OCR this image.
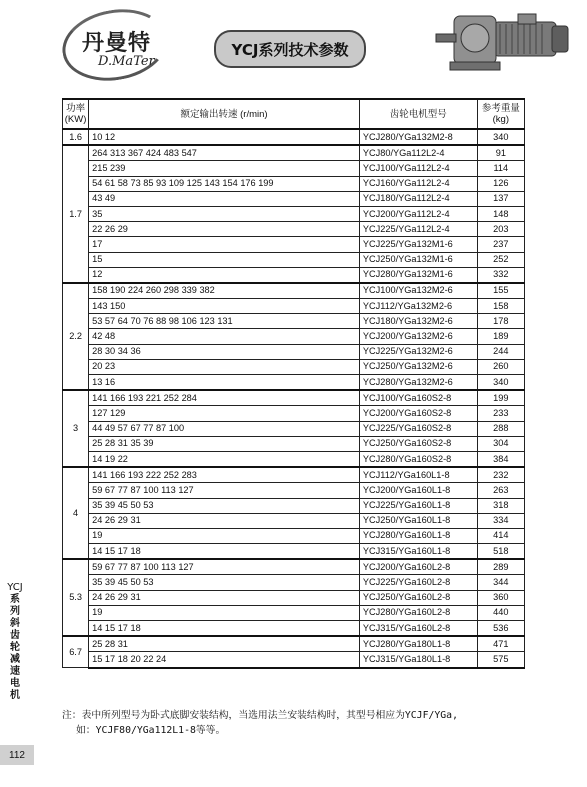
丹曼特
D.MaTer
YCJ系列技术参数
功率
(KW)	额定输出转速 (r/min)	齿轮电机型号	参考重量
(kg)

1.6	10 12	YCJ280/YGa132M2-8	340
1.7	264 313 367 424 483 547	YCJ80/YGa112L2-4	91
	215 239	YCJ100/YGa112L2-4	114
	54 61 58 73 85 93 109 125 143 154 176 199	YCJ160/YGa112L2-4	126
	43 49	YCJ180/YGa112L2-4	137
	35	YCJ200/YGa112L2-4	148
	22 26 29	YCJ225/YGa112L2-4	203
	17	YCJ225/YGa132M1-6	237
	15	YCJ250/YGa132M1-6	252
	12	YCJ280/YGa132M1-6	332
2.2	158 190 224 260 298 339 382	YCJ100/YGa132M2-6	155
	143 150	YCJ112/YGa132M2-6	158
	53 57 64 70 76 88 98 106 123 131	YCJ180/YGa132M2-6	178
	42 48	YCJ200/YGa132M2-6	189
	28 30 34 36	YCJ225/YGa132M2-6	244
	20 23	YCJ250/YGa132M2-6	260
	13 16	YCJ280/YGa132M2-6	340
3	141 166 193 221 252 284	YCJ100/YGa160S2-8	199
	127 129	YCJ200/YGa160S2-8	233
	44 49 57 67 77 87 100	YCJ225/YGa160S2-8	288
	25 28 31 35 39	YCJ250/YGa160S2-8	304
	14 19 22	YCJ280/YGa160S2-8	384
4	141 166 193 222 252 283	YCJ112/YGa160L1-8	232
	59 67 77 87 100 113 127	YCJ200/YGa160L1-8	263
	35 39 45 50 53	YCJ225/YGa160L1-8	318
	24 26 29 31	YCJ250/YGa160L1-8	334
	19	YCJ280/YGa160L1-8	414
	14 15 17 18	YCJ315/YGa160L1-8	518
5.3	59 67 77 87 100 113 127	YCJ200/YGa160L2-8	289
	35 39 45 50 53	YCJ225/YGa160L2-8	344
	24 26 29 31	YCJ250/YGa160L2-8	360
	19	YCJ280/YGa160L2-8	440
	14 15 17 18	YCJ315/YGa160L2-8	536
6.7	25 28 31	YCJ280/YGa180L1-8	471
	15 17 18 20 22 24	YCJ315/YGa180L1-8	575
注：表中所列型号为卧式底脚安装结构，当选用法兰安装结构时，其型号相应为YCJF/YGa,
如：YCJF80/YGa112L1-8等等。
YCJ
系
列
斜
齿
轮
减
速
电
机
112
